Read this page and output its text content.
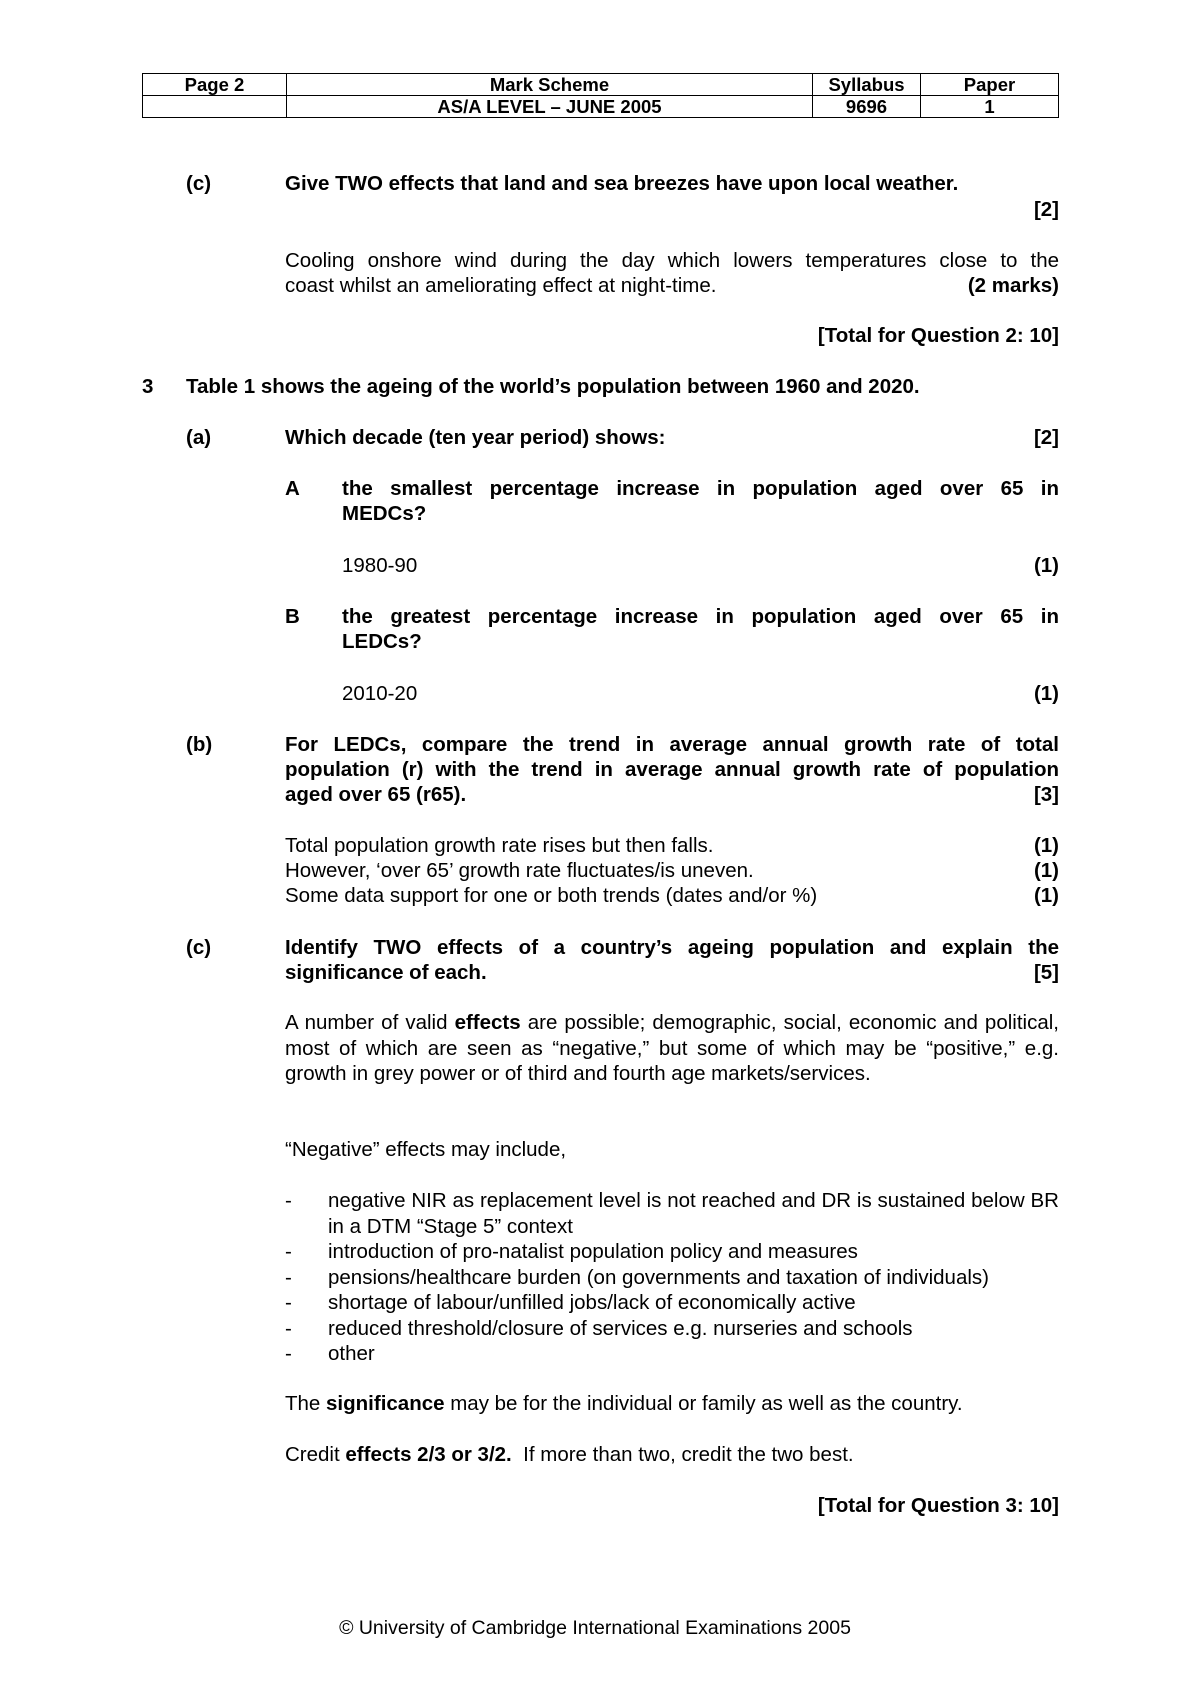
Page 2	Mark Scheme	Syllabus	Paper
	AS/A LEVEL – JUNE 2005	9696	1
(c)	Give TWO effects that land and sea breezes have upon local weather.
[2]
Cooling onshore wind during the day which lowers temperatures close to the
coast whilst an ameliorating effect at night-time.	(2 marks)
[Total for Question 2: 10]
3 Table 1 shows the ageing of the world’s population between 1960 and 2020.
(a)	Which decade (ten year period) shows:	[2]
A the smallest percentage increase in population aged over 65 in
MEDCs?
1980-90	(1)
B the greatest percentage increase in population aged over 65 in
LEDCs?
2010-20	(1)
(b)	For LEDCs, compare the trend in average annual growth rate of total
population (r) with the trend in average annual growth rate of population
aged over 65 (r65).	[3]
Total population growth rate rises but then falls.	(1)
However, ‘over 65’ growth rate fluctuates/is uneven.	(1)
Some data support for one or both trends (dates and/or %)	(1)
(c)	Identify TWO effects of a country’s ageing population and explain the
significance of each.	[5]
A number of valid effects are possible; demographic, social, economic and political, most of which are seen as “negative,” but some of which may be “positive,” e.g. growth in grey power or of third and fourth age markets/services.
“Negative” effects may include,
-	negative NIR as replacement level is not reached and DR is sustained below BR in a DTM “Stage 5” context
-	introduction of pro-natalist population policy and measures
-	pensions/healthcare burden (on governments and taxation of individuals)
-	shortage of labour/unfilled jobs/lack of economically active
-	reduced threshold/closure of services e.g. nurseries and schools
-	other
The significance may be for the individual or family as well as the country.
Credit effects 2/3 or 3/2.  If more than two, credit the two best.
[Total for Question 3: 10]
© University of Cambridge International Examinations 2005
